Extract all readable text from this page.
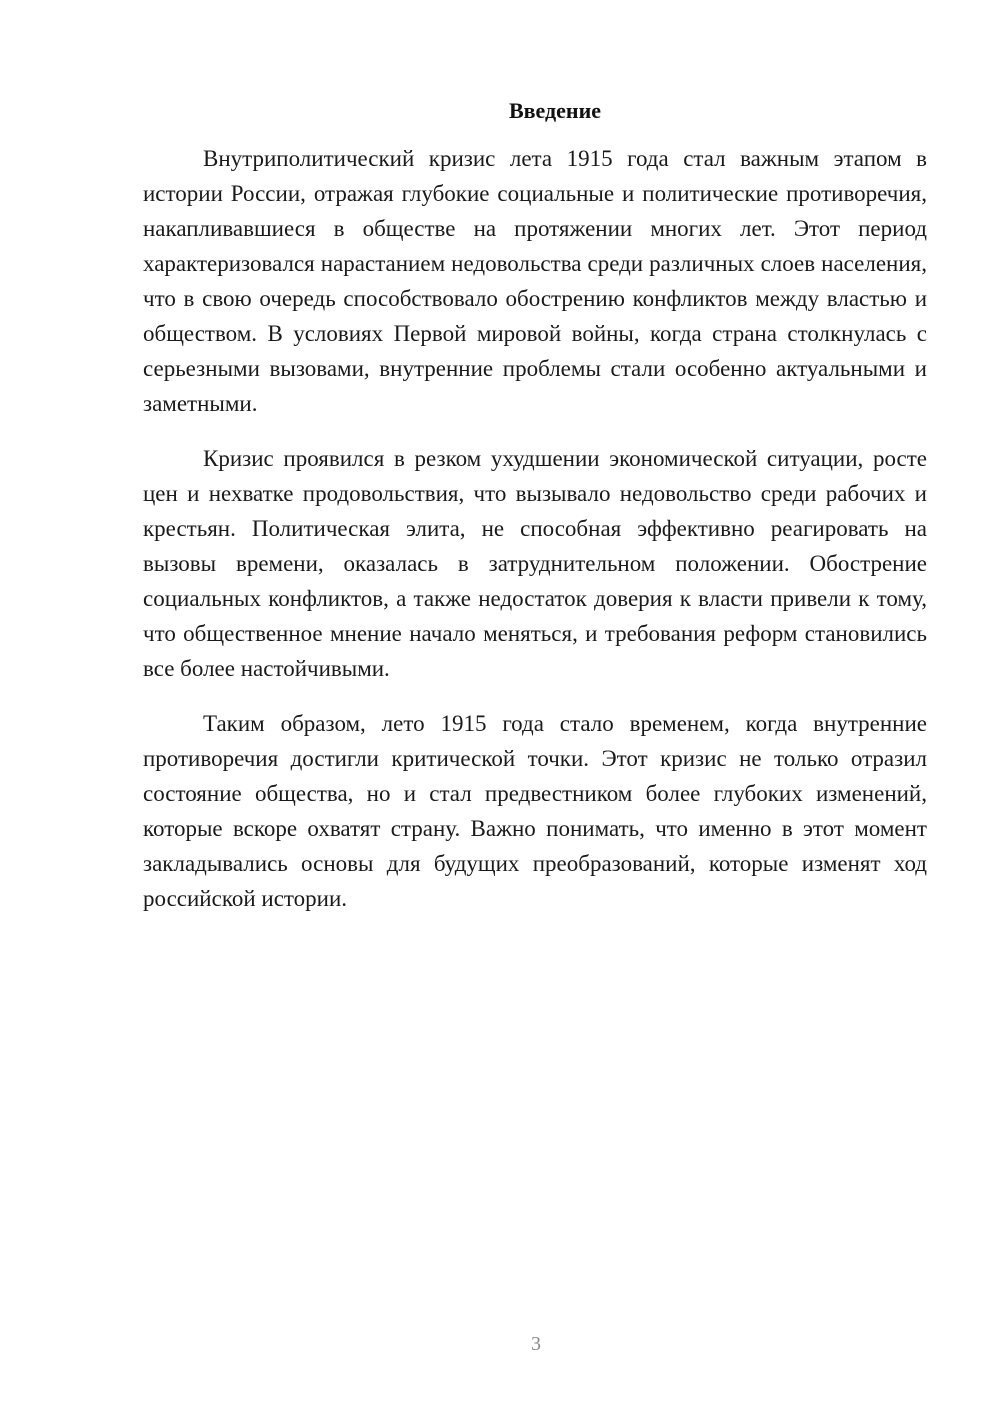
Введение

Внутриполитический кризис лета 1915 года стал важным этапом в истории России, отражая глубокие социальные и политические противоречия, накапливавшиеся в обществе на протяжении многих лет. Этот период характеризовался нарастанием недовольства среди различных слоев населения, что в свою очередь способствовало обострению конфликтов между властью и обществом. В условиях Первой мировой войны, когда страна столкнулась с серьезными вызовами, внутренние проблемы стали особенно актуальными и заметными.

Кризис проявился в резком ухудшении экономической ситуации, росте цен и нехватке продовольствия, что вызывало недовольство среди рабочих и крестьян. Политическая элита, не способная эффективно реагировать на вызовы времени, оказалась в затруднительном положении. Обострение социальных конфликтов, а также недостаток доверия к власти привели к тому, что общественное мнение начало меняться, и требования реформ становились все более настойчивыми.

Таким образом, лето 1915 года стало временем, когда внутренние противоречия достигли критической точки. Этот кризис не только отразил состояние общества, но и стал предвестником более глубоких изменений, которые вскоре охватят страну. Важно понимать, что именно в этот момент закладывались основы для будущих преобразований, которые изменят ход российской истории.

3
